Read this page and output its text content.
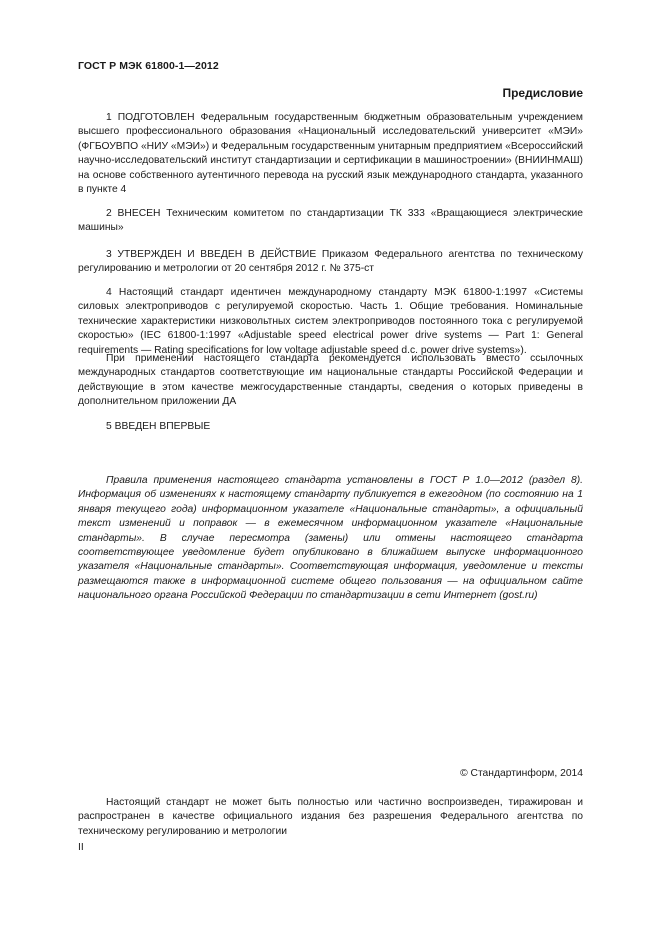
ГОСТ Р МЭК 61800-1—2012
Предисловие

1 ПОДГОТОВЛЕН Федеральным государственным бюджетным образовательным учреждением высшего профессионального образования «Национальный исследовательский университет «МЭИ» (ФГБОУВПО «НИУ «МЭИ») и Федеральным государственным унитарным предприятием «Всероссийский научно-исследовательский институт стандартизации и сертификации в машиностроении» (ВНИИНМАШ) на основе собственного аутентичного перевода на русский язык международного стандарта, указанного в пункте 4

2 ВНЕСЕН Техническим комитетом по стандартизации ТК 333 «Вращающиеся электрические машины»

3 УТВЕРЖДЕН И ВВЕДЕН В ДЕЙСТВИЕ Приказом Федерального агентства по техническому регулированию и метрологии от 20 сентября 2012 г. № 375-ст

4 Настоящий стандарт идентичен международному стандарту МЭК 61800-1:1997 «Системы силовых электроприводов с регулируемой скоростью. Часть 1. Общие требования. Номинальные технические характеристики низковольтных систем электроприводов постоянного тока с регулируемой скоростью» (IEC 61800-1:1997 «Adjustable speed electrical power drive systems — Part 1: General requirements — Rating specifications for low voltage adjustable speed d.c. power drive systems»).

При применении настоящего стандарта рекомендуется использовать вместо ссылочных международных стандартов соответствующие им национальные стандарты Российской Федерации и действующие в этом качестве межгосударственные стандарты, сведения о которых приведены в дополнительном приложении ДА

5 ВВЕДЕН ВПЕРВЫЕ

Правила применения настоящего стандарта установлены в ГОСТ Р 1.0—2012 (раздел 8). Информация об изменениях к настоящему стандарту публикуется в ежегодном (по состоянию на 1 января текущего года) информационном указателе «Национальные стандарты», а официальный текст изменений и поправок — в ежемесячном информационном указателе «Национальные стандарты». В случае пересмотра (замены) или отмены настоящего стандарта соответствующее уведомление будет опубликовано в ближайшем выпуске информационного указателя «Национальные стандарты». Соответствующая информация, уведомление и тексты размещаются также в информационной системе общего пользования — на официальном сайте национального органа Российской Федерации по стандартизации в сети Интернет (gost.ru)

© Стандартинформ, 2014

Настоящий стандарт не может быть полностью или частично воспроизведен, тиражирован и распространен в качестве официального издания без разрешения Федерального агентства по техническому регулированию и метрологии

II
